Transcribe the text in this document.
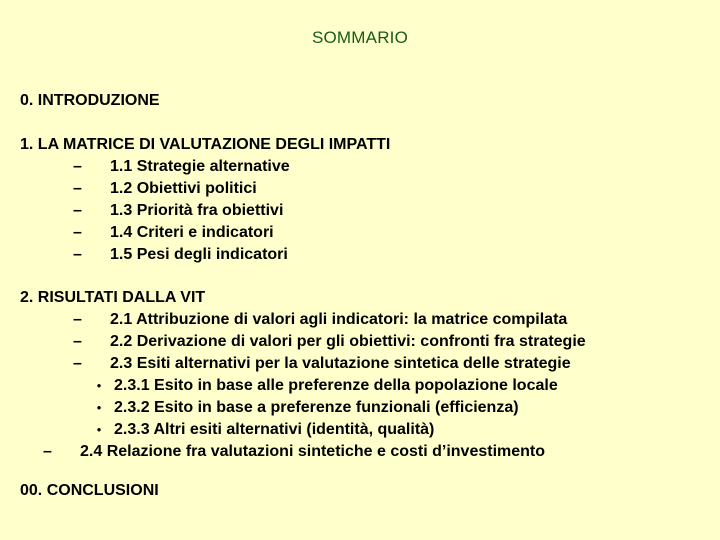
SOMMARIO
0. INTRODUZIONE
1. LA MATRICE DI VALUTAZIONE DEGLI IMPATTI
–	1.1 Strategie alternative
–	1.2 Obiettivi politici
–	1.3 Priorità fra obiettivi
–	1.4 Criteri e indicatori
–	1.5 Pesi degli indicatori
2. RISULTATI DALLA VIT
–	2.1 Attribuzione di valori agli indicatori: la matrice compilata
–	2.2 Derivazione di valori per gli obiettivi: confronti fra strategie
–	2.3 Esiti alternativi per la valutazione sintetica delle strategie
• 2.3.1 Esito in base alle preferenze della popolazione locale
• 2.3.2 Esito in base a preferenze funzionali (efficienza)
• 2.3.3 Altri esiti alternativi (identità, qualità)
–	2.4 Relazione fra valutazioni sintetiche e costi d’investimento
00. CONCLUSIONI
